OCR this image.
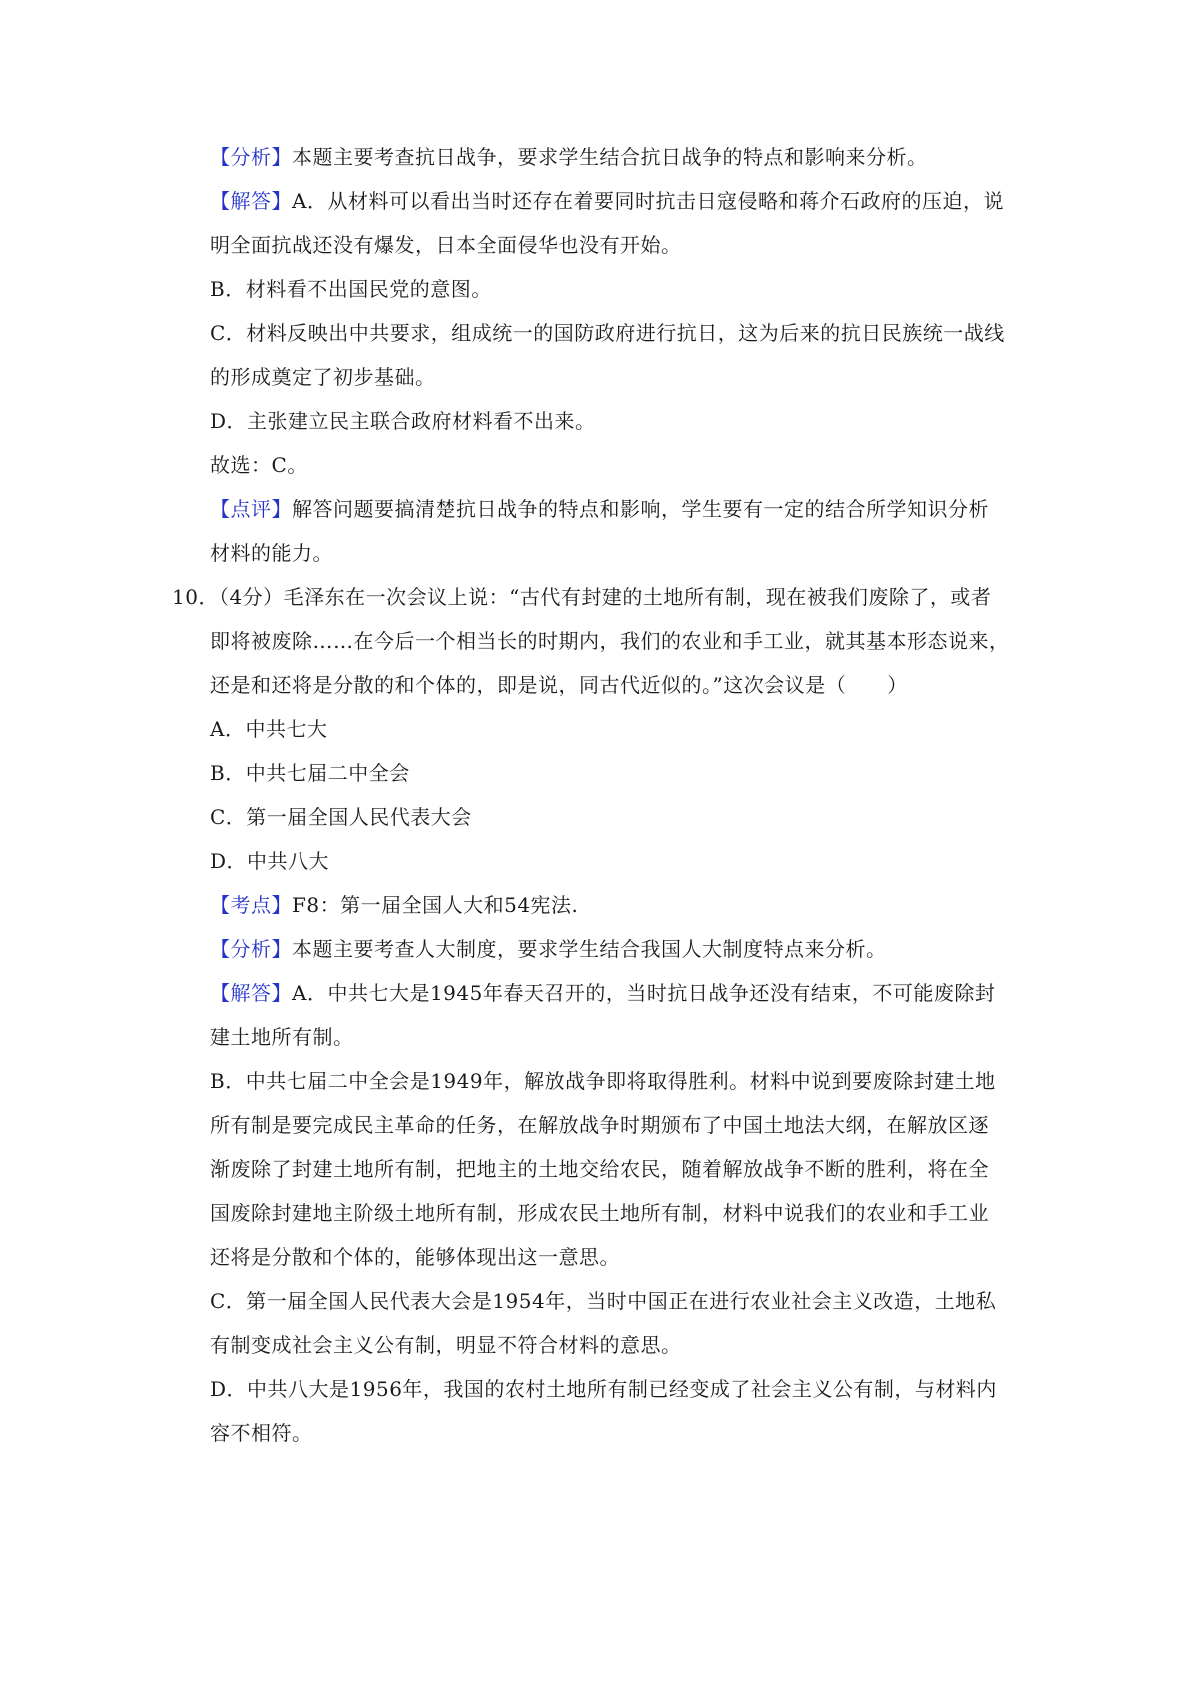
【分析】本题主要考查抗日战争，要求学生结合抗日战争的特点和影响来分析。
【解答】A．从材料可以看出当时还存在着要同时抗击日寇侵略和蒋介石政府的压迫，说
明全面抗战还没有爆发，日本全面侵华也没有开始。
B．材料看不出国民党的意图。
C．材料反映出中共要求，组成统一的国防政府进行抗日，这为后来的抗日民族统一战线
的形成奠定了初步基础。
D．主张建立民主联合政府材料看不出来。
故选：C。
【点评】解答问题要搞清楚抗日战争的特点和影响，学生要有一定的结合所学知识分析
材料的能力。
10．（4分）毛泽东在一次会议上说：“古代有封建的土地所有制，现在被我们废除了，或者
即将被废除……在今后一个相当长的时期内，我们的农业和手工业，就其基本形态说来，
还是和还将是分散的和个体的，即是说，同古代近似的。”这次会议是（　　）
A．中共七大
B．中共七届二中全会
C．第一届全国人民代表大会
D．中共八大
【考点】F8：第一届全国人大和54宪法.
【分析】本题主要考查人大制度，要求学生结合我国人大制度特点来分析。
【解答】A．中共七大是1945年春天召开的，当时抗日战争还没有结束，不可能废除封
建土地所有制。
B．中共七届二中全会是1949年，解放战争即将取得胜利。材料中说到要废除封建土地
所有制是要完成民主革命的任务，在解放战争时期颁布了中国土地法大纲，在解放区逐
渐废除了封建土地所有制，把地主的土地交给农民，随着解放战争不断的胜利，将在全
国废除封建地主阶级土地所有制，形成农民土地所有制，材料中说我们的农业和手工业
还将是分散和个体的，能够体现出这一意思。
C．第一届全国人民代表大会是1954年，当时中国正在进行农业社会主义改造，土地私
有制变成社会主义公有制，明显不符合材料的意思。
D．中共八大是1956年，我国的农村土地所有制已经变成了社会主义公有制，与材料内
容不相符。
